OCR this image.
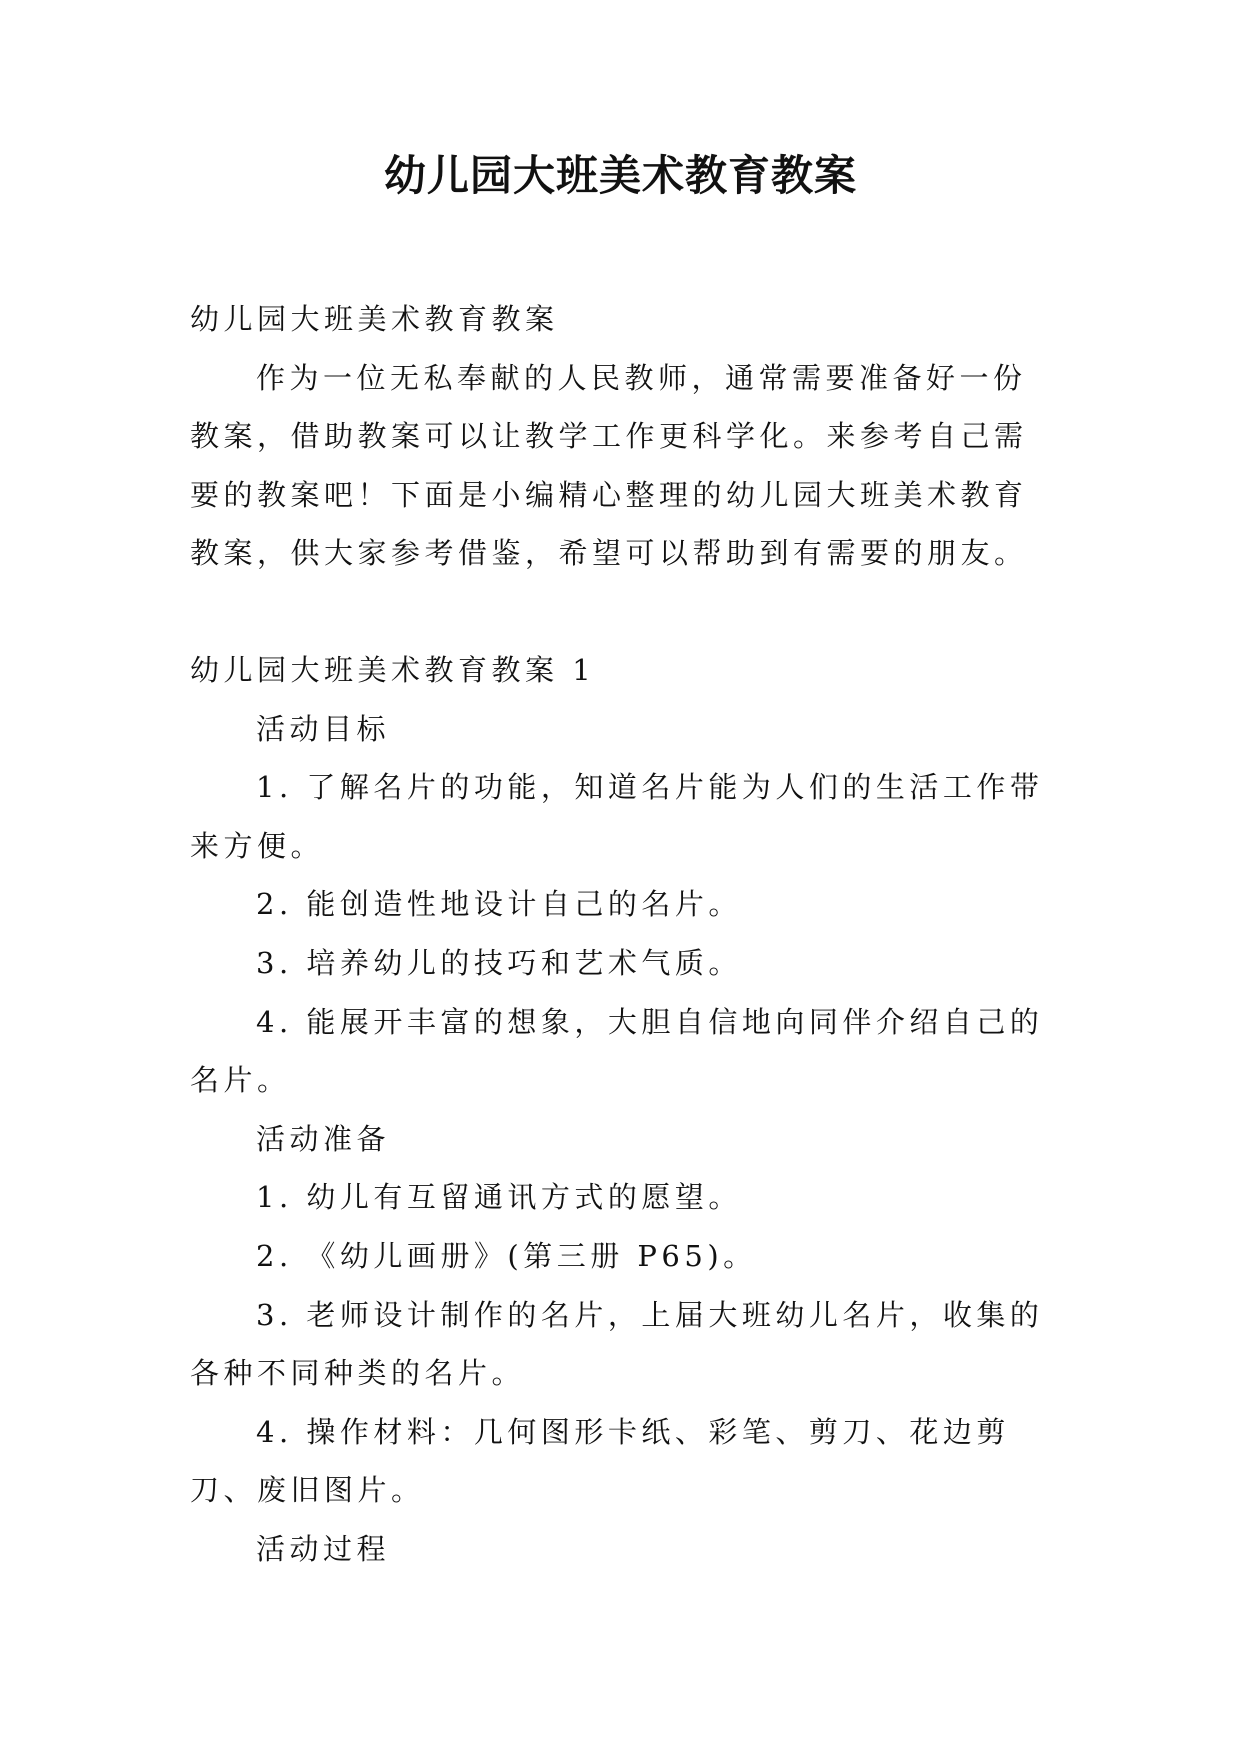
幼儿园大班美术教育教案

幼儿园大班美术教育教案

作为一位无私奉献的人民教师，通常需要准备好一份教案，借助教案可以让教学工作更科学化。来参考自己需要的教案吧！下面是小编精心整理的幼儿园大班美术教育教案，供大家参考借鉴，希望可以帮助到有需要的朋友。

幼儿园大班美术教育教案 1

活动目标

1. 了解名片的功能，知道名片能为人们的生活工作带来方便。

2. 能创造性地设计自己的名片。

3. 培养幼儿的技巧和艺术气质。

4. 能展开丰富的想象，大胆自信地向同伴介绍自己的名片。

活动准备

1. 幼儿有互留通讯方式的愿望。

2. 《幼儿画册》(第三册 P65)。

3. 老师设计制作的名片，上届大班幼儿名片，收集的各种不同种类的名片。

4. 操作材料：几何图形卡纸、彩笔、剪刀、花边剪刀、废旧图片。

活动过程
